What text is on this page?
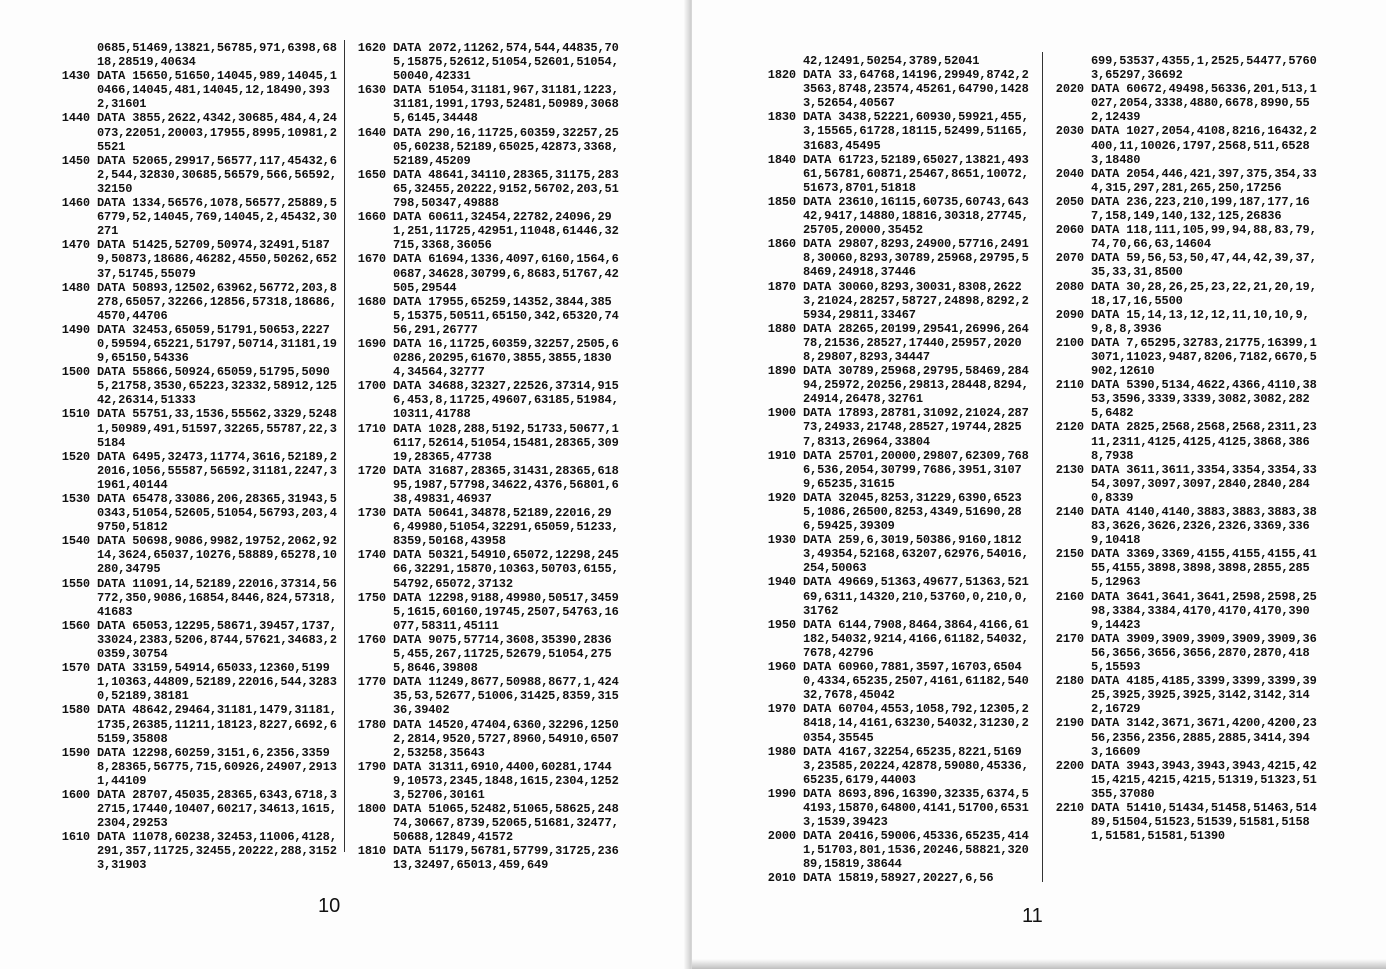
0685,51469,13821,56785,971,6398,6818,28519,40634
1430 DATA 15650,51650,14045,989,14045,10466,14045,481,14045,12,18490,3932,31601
1440 DATA 3855,2622,4342,30685,484,4,24073,22051,20003,17955,8995,10981,25521
1450 DATA 52065,29917,56577,117,45432,62,544,32830,30685,56579,566,56592,32150
1460 DATA 1334,56576,1078,56577,25889,56779,52,14045,769,14045,2,45432,30271
1470 DATA 51425,52709,50974,32491,51879,50873,18686,46282,4550,50262,65237,51745,55079
1480 DATA 50893,12502,63962,56772,203,8278,65057,32266,12856,57318,18686,4570,44706
1490 DATA 32453,65059,51791,50653,22270,59594,65221,51797,50714,31181,199,65150,54336
1500 DATA 55866,50924,65059,51795,50905,21758,3530,65223,32332,58912,12542,26314,51333
1510 DATA 55751,33,1536,55562,3329,52481,50989,491,51597,32265,55787,22,35184
1520 DATA 6495,32473,11774,3616,52189,22016,1056,55587,56592,31181,2247,31961,40144
1530 DATA 65478,33086,206,28365,31943,50343,51054,52605,51054,56793,203,49750,51812
1540 DATA 50698,9086,9982,19752,2062,9214,3624,65037,10276,58889,65278,10280,34795
1550 DATA 11091,14,52189,22016,37314,56772,350,9086,16854,8446,824,57318,41683
1560 DATA 65053,12295,58671,39457,1737,33024,2383,5206,8744,57621,34683,20359,30754
1570 DATA 33159,54914,65033,12360,51991,10363,44809,52189,22016,544,32830,52189,38181
1580 DATA 48642,29464,31181,1479,31181,1735,26385,11211,18123,8227,6692,65159,35808
1590 DATA 12298,60259,3151,6,2356,33598,28365,56775,715,60926,24907,29131,44109
1600 DATA 28707,45035,28365,6343,6718,32715,17440,10407,60217,34613,1615,2304,29253
1610 DATA 11078,60238,32453,11006,4128,291,357,11725,32455,20222,288,31523,31903
1620 DATA 2072,11262,574,544,44835,705,15875,52612,51054,52601,51054,50040,42331
1630 DATA 51054,31181,967,31181,1223,31181,1991,1793,52481,50989,30685,6145,34448
1640 DATA 290,16,11725,60359,32257,2505,60238,52189,65025,42873,3368,52189,45209
1650 DATA 48641,34110,28365,31175,28365,32455,20222,9152,56702,203,51798,50347,49888
1660 DATA 60611,32454,22782,24096,291,251,11725,42951,11048,61446,32715,3368,36056
1670 DATA 61694,1336,4097,6160,1564,60687,34628,30799,6,8683,51767,42505,29544
1680 DATA 17955,65259,14352,3844,3855,15375,50511,65150,342,65320,7456,291,26777
1690 DATA 16,11725,60359,32257,2505,60286,20295,61670,3855,3855,18304,34564,32777
1700 DATA 34688,32327,22526,37314,9156,453,8,11725,49607,63185,51984,10311,41788
1710 DATA 1028,288,5192,51733,50677,16117,52614,51054,15481,28365,30919,28365,47738
1720 DATA 31687,28365,31431,28365,61895,1987,57798,34622,4376,56801,638,49831,46937
1730 DATA 50641,34878,52189,22016,296,49980,51054,32291,65059,51233,8359,50168,43958
1740 DATA 50321,54910,65072,12298,24566,32291,15870,10363,50703,6155,54792,65072,37132
1750 DATA 12298,9188,49980,50517,34595,1615,60160,19745,2507,54763,16077,58311,45111
1760 DATA 9075,57714,3608,35390,28365,455,267,11725,52679,51054,2755,8646,39808
1770 DATA 11249,8677,50988,8677,1,42435,53,52677,51006,31425,8359,31536,39402
1780 DATA 14520,47404,6360,32296,12502,2814,9520,5727,8960,54910,65072,53258,35643
1790 DATA 31311,6910,4400,60281,17449,10573,2345,1848,1615,2304,12523,52706,30161
1800 DATA 51065,52482,51065,58625,24874,30667,8739,52065,51681,32477,50688,12849,41572
1810 DATA 51179,56781,57799,31725,23613,32497,65013,459,649
10
42,12491,50254,3789,52041
1820 DATA 33,64768,14196,29949,8742,23563,8748,23574,45261,64790,14283,52654,40567
1830 DATA 3438,52221,60930,59921,455,3,15565,61728,18115,52499,51165,31683,45495
1840 DATA 61723,52189,65027,13821,49361,56781,60871,25467,8651,10072,51673,8701,51818
1850 DATA 23610,16115,60735,60743,64342,9417,14880,18816,30318,27745,25705,20000,35452
1860 DATA 29807,8293,24900,57716,24918,30060,8293,30789,25968,29795,58469,24918,37446
1870 DATA 30060,8293,30031,8308,26223,21024,28257,58727,24898,8292,25934,29811,33467
1880 DATA 28265,20199,29541,26996,26478,21536,28527,17440,25957,20208,29807,8293,34447
1890 DATA 30789,25968,29795,58469,28494,25972,20256,29813,28448,8294,24914,26478,32761
1900 DATA 17893,28781,31092,21024,28773,24933,21748,28527,19744,28257,8313,26964,33804
1910 DATA 25701,20000,29807,62309,7686,536,2054,30799,7686,3951,31079,65235,31615
1920 DATA 32045,8253,31229,6390,65235,1086,26500,8253,4349,51690,286,59425,39309
1930 DATA 259,6,3019,50386,9160,18123,49354,52168,63207,62976,54016,254,50063
1940 DATA 49669,51363,49677,51363,52169,6311,14320,210,53760,0,210,0,31762
1950 DATA 6144,7908,8464,3864,4166,61182,54032,9214,4166,61182,54032,7678,42796
1960 DATA 60960,7881,3597,16703,65040,4334,65235,2507,4161,61182,54032,7678,45042
1970 DATA 60704,4553,1058,792,12305,28418,14,4161,63230,54032,31230,20354,35545
1980 DATA 4167,32254,65235,8221,51693,23585,20224,42878,59080,45336,65235,6179,44003
1990 DATA 8693,896,16390,32335,6374,54193,15870,64800,4141,51700,65313,1539,39423
2000 DATA 20416,59006,45336,65235,4141,51703,801,1536,20246,58821,32089,15819,38644
2010 DATA 15819,58927,20227,6,56
699,53537,4355,1,2525,54477,57603,65297,36692
2020 DATA 60672,49498,56336,201,513,1027,2054,3338,4880,6678,8990,552,12439
2030 DATA 1027,2054,4108,8216,16432,2400,11,10026,1797,2568,511,65283,18480
2040 DATA 2054,446,421,397,375,354,334,315,297,281,265,250,17256
2050 DATA 236,223,210,199,187,177,167,158,149,140,132,125,26836
2060 DATA 118,111,105,99,94,88,83,79,74,70,66,63,14604
2070 DATA 59,56,53,50,47,44,42,39,37,35,33,31,8500
2080 DATA 30,28,26,25,23,22,21,20,19,18,17,16,5500
2090 DATA 15,14,13,12,12,11,10,10,9,9,8,8,3936
2100 DATA 7,65295,32783,21775,16399,13071,11023,9487,8206,7182,6670,5902,12610
2110 DATA 5390,5134,4622,4366,4110,3853,3596,3339,3339,3082,3082,2825,6482
2120 DATA 2825,2568,2568,2568,2311,2311,2311,4125,4125,4125,3868,3868,7938
2130 DATA 3611,3611,3354,3354,3354,3354,3097,3097,3097,2840,2840,2840,8339
2140 DATA 4140,4140,3883,3883,3883,3883,3626,3626,2326,2326,3369,3369,10418
2150 DATA 3369,3369,4155,4155,4155,4155,4155,3898,3898,3898,2855,2855,12963
2160 DATA 3641,3641,3641,2598,2598,2598,3384,3384,4170,4170,4170,3909,14423
2170 DATA 3909,3909,3909,3909,3909,3656,3656,3656,3656,2870,2870,4185,15593
2180 DATA 4185,4185,3399,3399,3399,3925,3925,3925,3925,3142,3142,3142,16729
2190 DATA 3142,3671,3671,4200,4200,2356,2356,2356,2885,2885,3414,3943,16609
2200 DATA 3943,3943,3943,3943,4215,4215,4215,4215,4215,51319,51323,51355,37080
2210 DATA 51410,51434,51458,51463,51489,51504,51523,51539,51581,51581,51581,51581,51390
11
